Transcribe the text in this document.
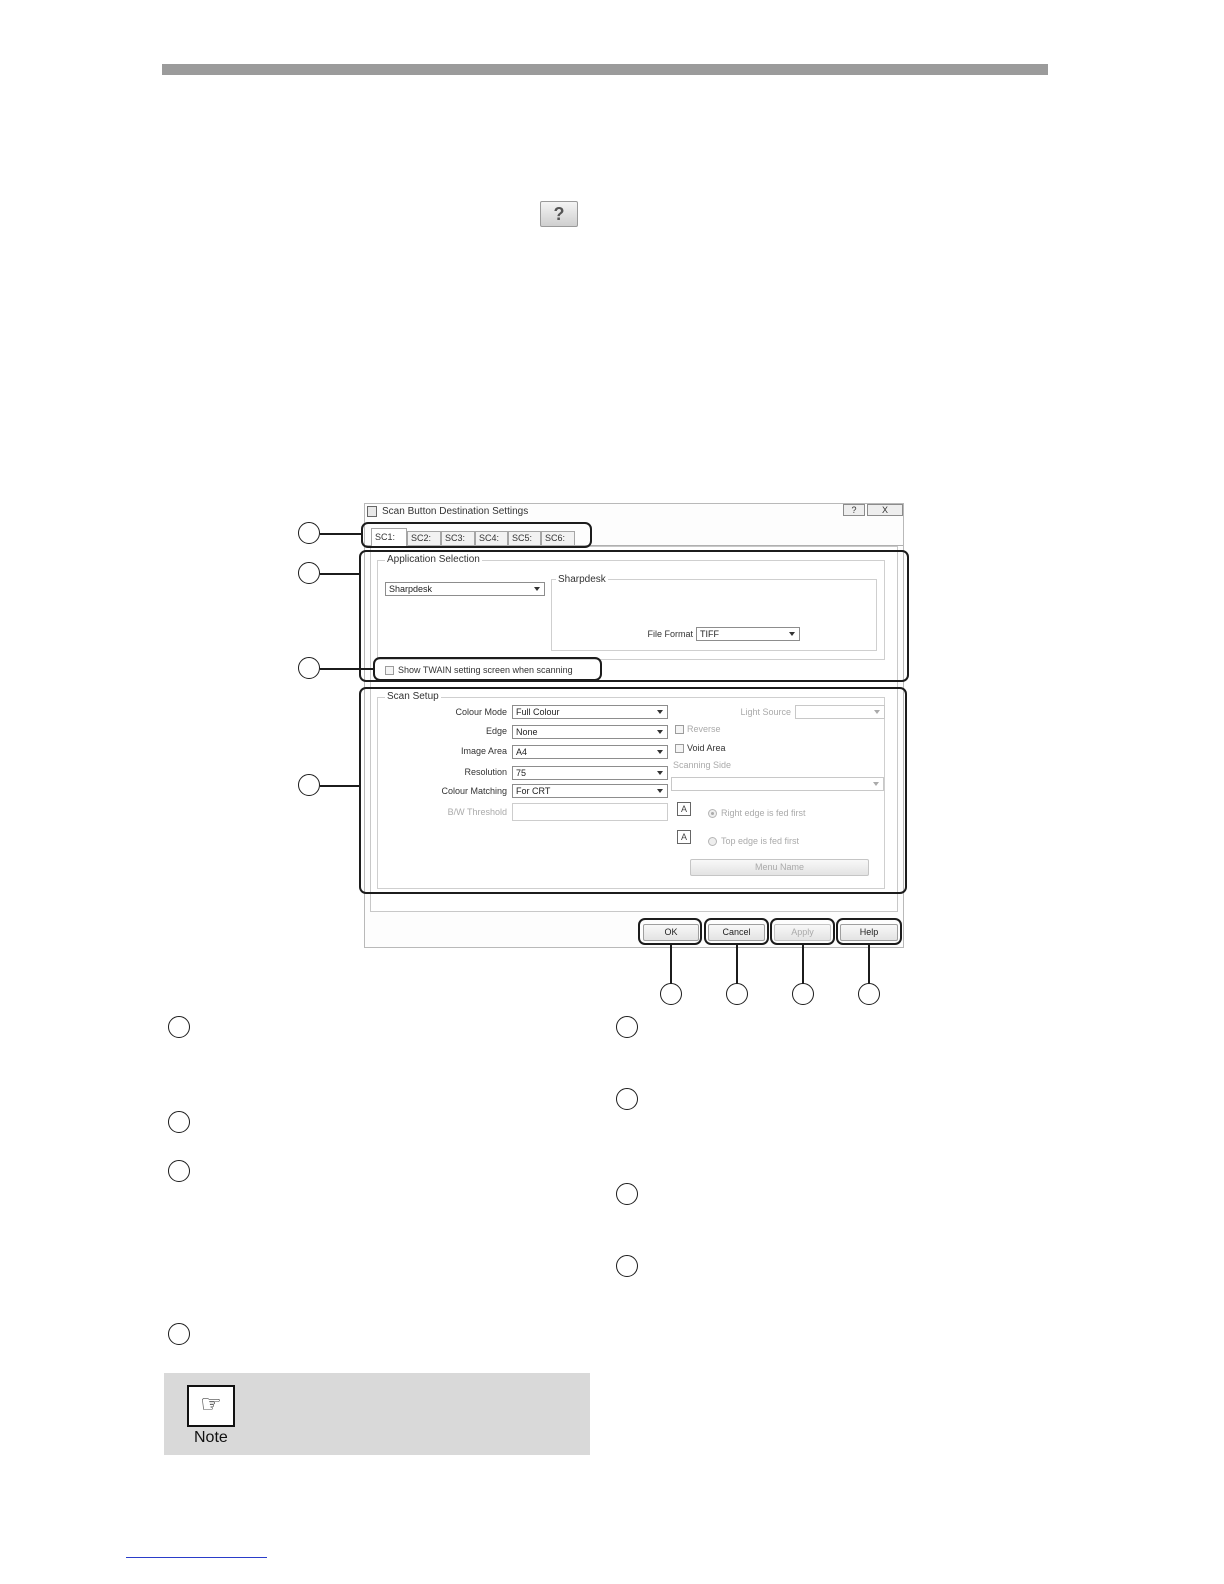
?
Scan Button Destination Settings	?	X
SC1:	SC2:	SC3:	SC4:	SC5:	SC6:
Application Selection
Sharpdesk
Sharpdesk
File Format TIFF
Show TWAIN setting screen when scanning
Scan Setup
Colour Mode	Full Colour
Edge	None
Image Area	A4
Resolution	75
Colour Matching	For CRT
B/W Threshold
Light Source
Reverse
Void Area
Scanning Side
A	Right edge is fed first
A	Top edge is fed first
Menu Name
OK	Cancel	Apply	Help
☞
Note
